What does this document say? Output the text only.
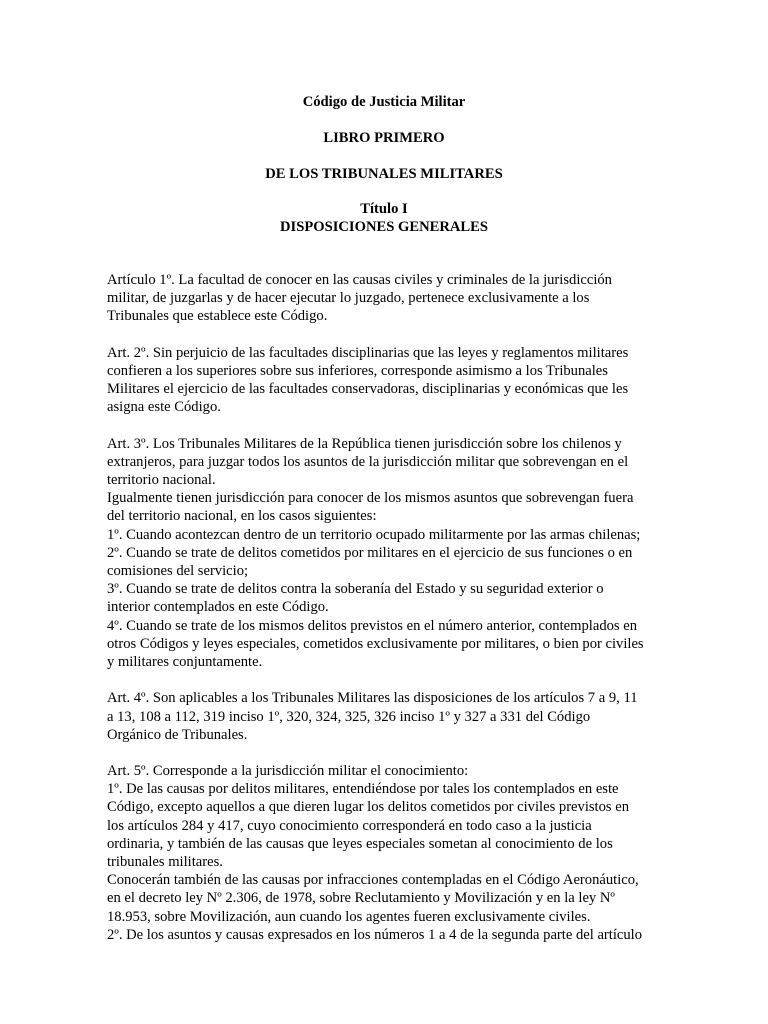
Código de Justicia Militar
LIBRO PRIMERO
DE LOS TRIBUNALES MILITARES
Título I
DISPOSICIONES GENERALES
Artículo 1º. La facultad de conocer en las causas civiles y criminales de la jurisdicción
militar, de juzgarlas y de hacer ejecutar lo juzgado, pertenece exclusivamente a los
Tribunales que establece este Código.
Art. 2º. Sin perjuicio de las facultades disciplinarias que las leyes y reglamentos militares
confieren a los superiores sobre sus inferiores, corresponde asimismo a los Tribunales
Militares el ejercicio de las facultades conservadoras, disciplinarias y económicas que les
asigna este Código.
Art. 3º. Los Tribunales Militares de la República tienen jurisdicción sobre los chilenos y
extranjeros, para juzgar todos los asuntos de la jurisdicción militar que sobrevengan en el
territorio nacional.
Igualmente tienen jurisdicción para conocer de los mismos asuntos que sobrevengan fuera
del territorio nacional, en los casos siguientes:
1º. Cuando acontezcan dentro de un territorio ocupado militarmente por las armas chilenas;
2º. Cuando se trate de delitos cometidos por militares en el ejercicio de sus funciones o en
comisiones del servicio;
3º. Cuando se trate de delitos contra la soberanía del Estado y su seguridad exterior o
interior contemplados en este Código.
4º. Cuando se trate de los mismos delitos previstos en el número anterior, contemplados en
otros Códigos y leyes especiales, cometidos exclusivamente por militares, o bien por civiles
y militares conjuntamente.
Art. 4º. Son aplicables a los Tribunales Militares las disposiciones de los artículos 7 a 9, 11
a 13, 108 a 112, 319 inciso 1º, 320, 324, 325, 326 inciso 1º y 327 a 331 del Código
Orgánico de Tribunales.
Art. 5º. Corresponde a la jurisdicción militar el conocimiento:
1º. De las causas por delitos militares, entendiéndose por tales los contemplados en este
Código, excepto aquellos a que dieren lugar los delitos cometidos por civiles previstos en
los artículos 284 y 417, cuyo conocimiento corresponderá en todo caso a la justicia
ordinaria, y también de las causas que leyes especiales sometan al conocimiento de los
tribunales militares.
Conocerán también de las causas por infracciones contempladas en el Código Aeronáutico,
en el decreto ley Nº 2.306, de 1978, sobre Reclutamiento y Movilización y en la ley Nº
18.953, sobre Movilización, aun cuando los agentes fueren exclusivamente civiles.
2º. De los asuntos y causas expresados en los números 1 a 4 de la segunda parte del artículo
